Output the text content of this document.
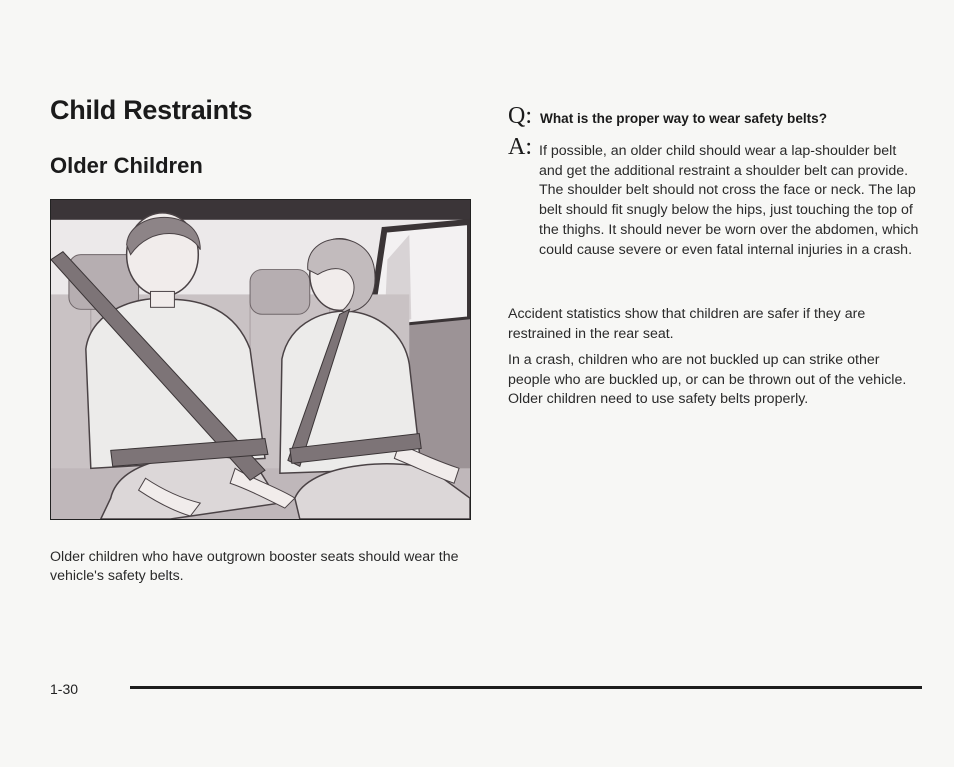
Child Restraints
Older Children

Older children who have outgrown booster seats should wear the vehicle's safety belts.

Q: What is the proper way to wear safety belts?
A: If possible, an older child should wear a lap-shoulder belt and get the additional restraint a shoulder belt can provide. The shoulder belt should not cross the face or neck. The lap belt should fit snugly below the hips, just touching the top of the thighs. It should never be worn over the abdomen, which could cause severe or even fatal internal injuries in a crash.

Accident statistics show that children are safer if they are restrained in the rear seat.

In a crash, children who are not buckled up can strike other people who are buckled up, or can be thrown out of the vehicle. Older children need to use safety belts properly.

1-30
